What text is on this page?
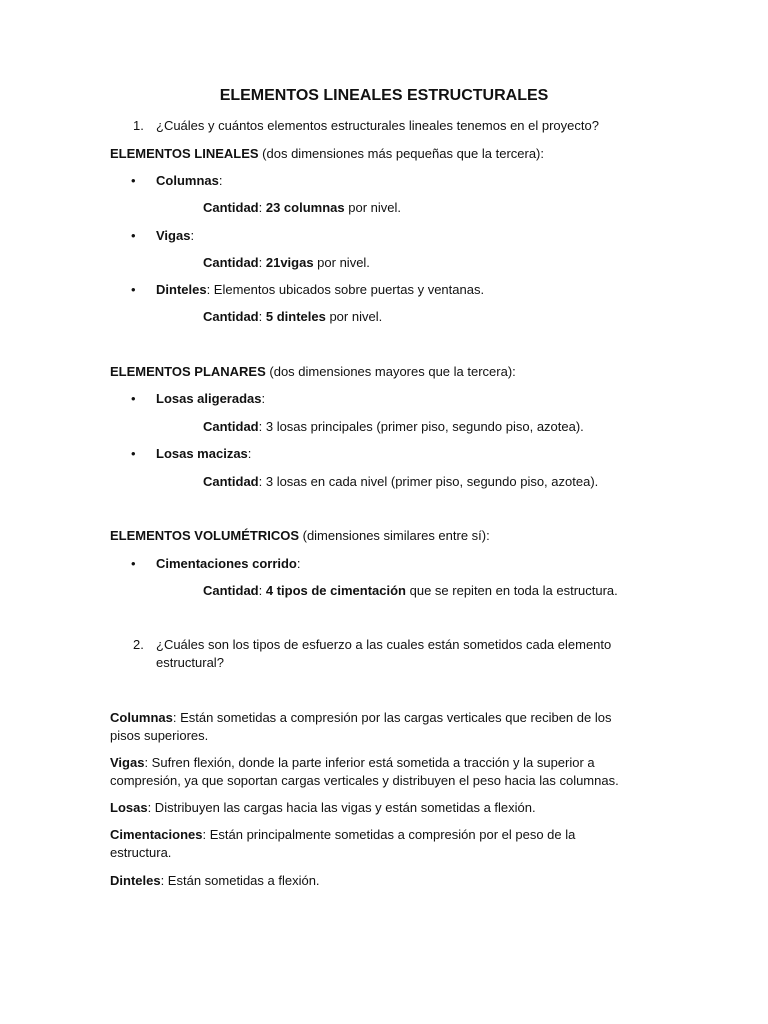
ELEMENTOS LINEALES ESTRUCTURALES
1. ¿Cuáles y cuántos elementos estructurales lineales tenemos en el proyecto?
ELEMENTOS LINEALES (dos dimensiones más pequeñas que la tercera):
• Columnas:
Cantidad: 23 columnas por nivel.
• Vigas:
Cantidad: 21vigas por nivel.
• Dinteles: Elementos ubicados sobre puertas y ventanas.
Cantidad: 5 dinteles por nivel.
ELEMENTOS PLANARES (dos dimensiones mayores que la tercera):
• Losas aligeradas:
Cantidad: 3 losas principales (primer piso, segundo piso, azotea).
• Losas macizas:
Cantidad: 3 losas en cada nivel (primer piso, segundo piso, azotea).
ELEMENTOS VOLUMÉTRICOS (dimensiones similares entre sí):
• Cimentaciones corrido:
Cantidad: 4 tipos de cimentación que se repiten en toda la estructura.
2. ¿Cuáles son los tipos de esfuerzo a las cuales están sometidos cada elemento
estructural?
Columnas: Están sometidas a compresión por las cargas verticales que reciben de los
pisos superiores.
Vigas: Sufren flexión, donde la parte inferior está sometida a tracción y la superior a
compresión, ya que soportan cargas verticales y distribuyen el peso hacia las columnas.
Losas: Distribuyen las cargas hacia las vigas y están sometidas a flexión.
Cimentaciones: Están principalmente sometidas a compresión por el peso de la
estructura.
Dinteles: Están sometidas a flexión.
